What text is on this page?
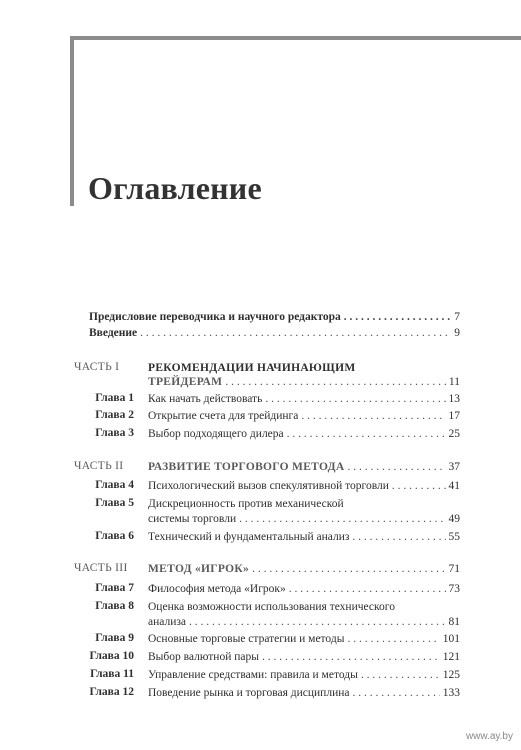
Оглавление
Предисловие переводчика и научного редактора . . .	7
Введение . . .	9
ЧАСТЬ I РЕКОМЕНДАЦИИ НАЧИНАЮЩИМ
ТРЕЙДЕРАМ . . .	11
Глава 1 Как начать действовать . . .	13
Глава 2 Открытие счета для трейдинга . . .	17
Глава 3 Выбор подходящего дилера . . .	25
ЧАСТЬ II РАЗВИТИЕ ТОРГОВОГО МЕТОДА . . .	37
Глава 4 Психологический вызов спекулятивной торговли . . .	41
Глава 5 Дискреционность против механической
системы торговли . . .	49
Глава 6 Технический и фундаментальный анализ . . .	55
ЧАСТЬ III МЕТОД «ИГРОК» . . .	71
Глава 7 Философия метода «Игрок» . . .	73
Глава 8 Оценка возможности использования технического
анализа . . .	81
Глава 9 Основные торговые стратегии и методы . . .	101
Глава 10 Выбор валютной пары . . .	121
Глава 11 Управление средствами: правила и методы . . .	125
Глава 12 Поведение рынка и торговая дисциплина . . .	133
www.ay.by
